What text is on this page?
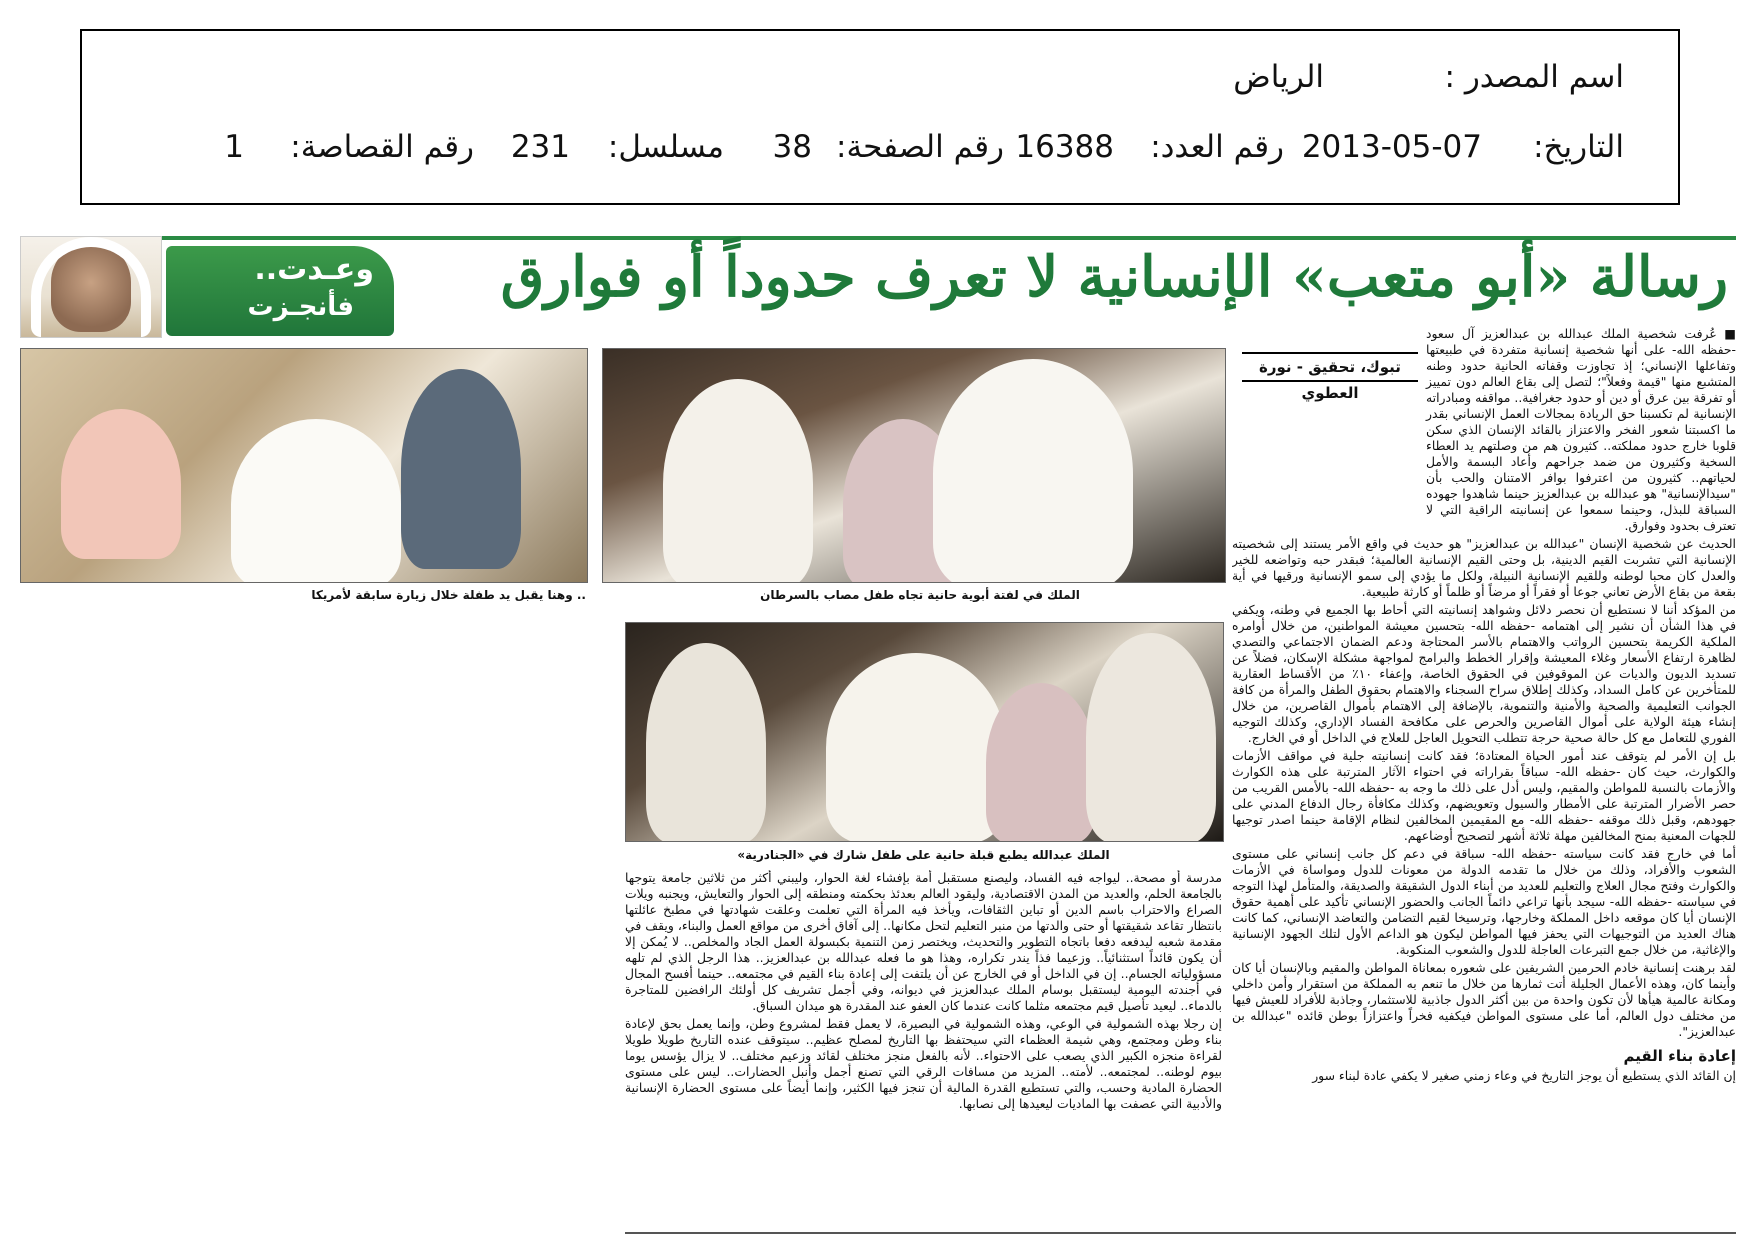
اسم المصدر :
الرياض
التاريخ:
2013-05-07
رقم العدد:
16388
رقم الصفحة:
38
مسلسل:
231
رقم القصاصة:
1
وعـدت..
فأنجـزت	رسالة «أبو متعب» الإنسانية لا تعرف حدوداً أو فوارق
.. وهنا يقبل يد طفلة خلال زيارة سابقة لأمريكا	الملك في لفتة أبوية حانية تجاه طفل مصاب بالسرطان
الملك عبدالله يطبع قبلة حانية على طفل شارك في «الجنادرية»
تبوك، تحقيق - نورة العطوي

■ عُرفت شخصية الملك عبدالله بن عبدالعزيز آل سعود -حفظه الله- على أنها شخصية إنسانية متفردة في طبيعتها وتفاعلها الإنساني؛ إذ تجاوزت وقفاته الحانية حدود وطنه المتشبع منها "قيمة وفعلاً"؛ لتصل إلى بقاع العالم دون تمييز أو تفرقة بين عرق أو دين أو حدود جغرافية.. مواقفه ومبادراته الإنسانية لم تكسبنا حق الريادة بمجالات العمل الإنساني بقدر ما اكسبتنا شعور الفخر والاعتزاز بالقائد الإنسان الذي سكن قلوبا خارج حدود مملكته.. كثيرون هم من وصلتهم يد العطاء السخية وكثيرون من ضمد جراحهم وأعاد البسمة والأمل لحياتهم.. كثيرون من اعترفوا بوافر الامتنان والحب بأن "سيدالإنسانية" هو عبدالله بن عبدالعزيز حينما شاهدوا جهوده السباقة للبذل، وحينما سمعوا عن إنسانيته الراقية التي لا تعترف بحدود وفوارق.

الحديث عن شخصية الإنسان "عبدالله بن عبدالعزيز" هو حديث في واقع الأمر يستند إلى شخصيته الإنسانية التي تشربت القيم الدينية، بل وحتى القيم الإنسانية العالمية؛ فبقدر حبه وتواضعه للخير والعدل كان محبا لوطنه وللقيم الإنسانية النبيلة، ولكل ما يؤدي إلى سمو الإنسانية ورقيها في أية بقعة من بقاع الأرض تعاني جوعا أو فقراً أو مرضاً أو ظلماً أو كارثة طبيعية.

من المؤكد أننا لا نستطيع أن نحصر دلائل وشواهد إنسانيته التي أحاط بها الجميع في وطنه، ويكفي في هذا الشأن أن نشير إلى اهتمامه -حفظه الله- بتحسين معيشة المواطنين، من خلال أوامره الملكية الكريمة بتحسين الرواتب والاهتمام بالأسر المحتاجة ودعم الضمان الاجتماعي والتصدي لظاهرة ارتفاع الأسعار وغلاء المعيشة وإقرار الخطط والبرامج لمواجهة مشكلة الإسكان، فضلاً عن تسديد الديون والديات عن الموقوفين في الحقوق الخاصة، وإعفاء ١٠٪ من الأقساط العقارية للمتأخرين عن كامل السداد، وكذلك إطلاق سراح السجناء والاهتمام بحقوق الطفل والمرأة من كافة الجوانب التعليمية والصحية والأمنية والتنموية، بالإضافة إلى الاهتمام بأموال القاصرين، من خلال إنشاء هيئة الولاية على أموال القاصرين والحرص على مكافحة الفساد الإداري، وكذلك التوجيه الفوري للتعامل مع كل حالة صحية حرجة تتطلب التحويل العاجل للعلاج في الداخل أو في الخارج.

بل إن الأمر لم يتوقف عند أمور الحياة المعتادة؛ فقد كانت إنسانيته جلية في مواقف الأزمات والكوارث، حيث كان -حفظه الله- سباقاً بقراراته في احتواء الآثار المترتبة على هذه الكوارث والأزمات بالنسبة للمواطن والمقيم، وليس أدل على ذلك ما وجه به -حفظه الله- بالأمس القريب من حصر الأضرار المترتبة على الأمطار والسيول وتعويضهم، وكذلك مكافأة رجال الدفاع المدني على جهودهم، وقبل ذلك موقفه -حفظه الله- مع المقيمين المخالفين لنظام الإقامة حينما اصدر توجيها للجهات المعنية بمنح المخالفين مهلة ثلاثة أشهر لتصحيح أوضاعهم.

أما في خارج فقد كانت سياسته -حفظه الله- سباقة في دعم كل جانب إنساني على مستوى الشعوب والأفراد، وذلك من خلال ما تقدمه الدولة من معونات للدول ومواساة في الأزمات والكوارث وفتح مجال العلاج والتعليم للعديد من أبناء الدول الشقيقة والصديقة، والمتأمل لهذا التوجه في سياسته -حفظه الله- سيجد بأنها تراعي دائماً الجانب والحضور الإنساني تأكيد على أهمية حقوق الإنسان أيا كان موقعه داخل المملكة وخارجها، وترسيخا لقيم التضامن والتعاضد الإنساني، كما كانت هناك العديد من التوجيهات التي يحفز فيها المواطن ليكون هو الداعم الأول لتلك الجهود الإنسانية والإغاثية، من خلال جمع التبرعات العاجلة للدول والشعوب المنكوبة.

لقد برهنت إنسانية خادم الحرمين الشريفين على شعوره بمعاناة المواطن والمقيم وبالإنسان أيا كان وأينما كان، وهذه الأعمال الجليلة أتت ثمارها من خلال ما تنعم به المملكة من استقرار وأمن داخلي ومكانة عالمية هيأها لأن تكون واحدة من بين أكثر الدول جاذبية للاستثمار، وجاذبة للأفراد للعيش فيها من مختلف دول العالم، أما على مستوى المواطن فيكفيه فخراً واعتزازاً بوطن قائده "عبدالله بن عبدالعزيز".

إعادة بناء القيم

إن القائد الذي يستطيع أن يوجز التاريخ في وعاء زمني صغير لا يكفي عادة لبناء سور

مدرسة أو مصحة.. ليواجه فيه الفساد، وليصنع مستقبل أمة بإفشاء لغة الحوار، وليبني أكثر من ثلاثين جامعة يتوجها بالجامعة الحلم، والعديد من المدن الاقتصادية، وليقود العالم بعدئذ بحكمته ومنطقه إلى الحوار والتعايش، ويجنبه ويلات الصراع والاحتراب باسم الدين أو تباين الثقافات، ويأخذ فيه المرأة التي تعلمت وعلقت شهادتها في مطبخ عائلتها بانتظار تقاعد شقيقتها أو حتى والدتها من منبر التعليم لتحل مكانها.. إلى آفاق أخرى من مواقع العمل والبناء، ويقف في مقدمة شعبه ليدفعه دفعا باتجاه التطوير والتحديث، ويختصر زمن التنمية بكبسولة العمل الجاد والمخلص.. لا يُمكن إلا أن يكون قائداً استثنائياً.. وزعيما فذاً يندر تكراره، وهذا هو ما فعله عبدالله بن عبدالعزيز.. هذا الرجل الذي لم تلهه مسؤولياته الجسام.. إن في الداخل أو في الخارج عن أن يلتفت إلى إعادة بناء القيم في مجتمعه.. حينما أفسح المجال في أجندته اليومية ليستقبل بوسام الملك عبدالعزيز في ديوانه، وفي أجمل تشريف كل أولئك الرافضين للمتاجرة بالدماء.. ليعيد تأصيل قيم مجتمعه مثلما كانت عندما كان العفو عند المقدرة هو ميدان السباق.

إن رجلا بهذه الشمولية في الوعي، وهذه الشمولية في البصيرة، لا يعمل فقط لمشروع وطن، وإنما يعمل بحق لإعادة بناء وطن ومجتمع، وهي شيمة العظماء التي سيحتفظ بها التاريخ لمصلح عظيم.. سيتوقف عنده التاريخ طويلا طويلا لقراءة منجزه الكبير الذي يصعب على الاحتواء.. لأنه بالفعل منجز مختلف لقائد وزعيم مختلف.. لا يزال يؤسس يوما بيوم لوطنه.. لمجتمعه.. لأمته.. المزيد من مسافات الرقي التي تصنع أجمل وأنبل الحضارات.. ليس على مستوى الحضارة المادية وحسب، والتي تستطيع القدرة المالية أن تنجز فيها الكثير، وإنما أيضاً على مستوى الحضارة الإنسانية والأدبية التي عصفت بها الماديات ليعيدها إلى نصابها.
